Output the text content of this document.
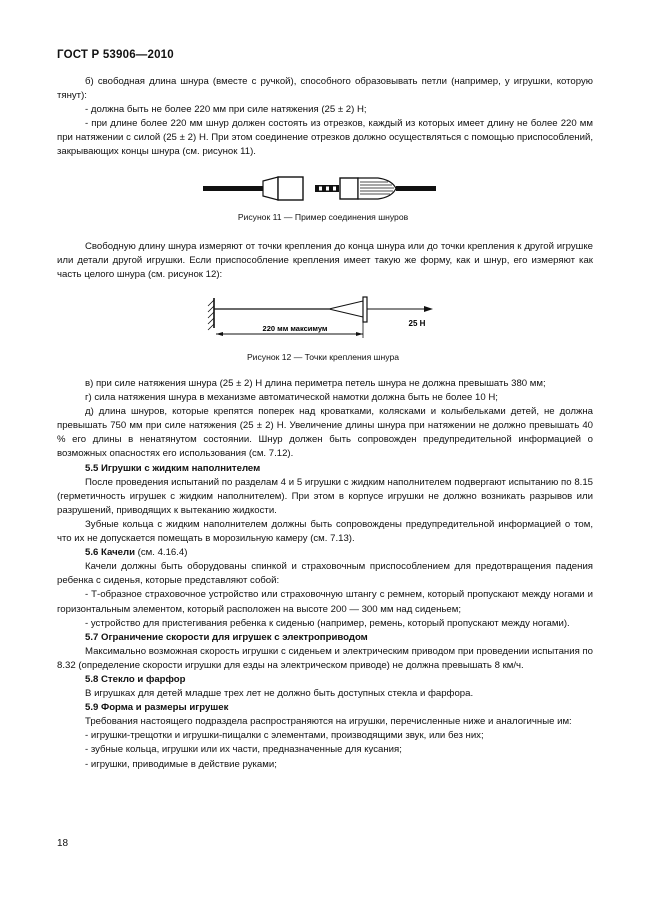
ГОСТ Р 53906—2010

б) свободная длина шнура (вместе с ручкой), способного образовывать петли (например, у игрушки, которую тянут):

- должна быть не более 220 мм при силе натяжения (25 ± 2) Н;

- при длине более 220 мм шнур должен состоять из отрезков, каждый из которых имеет длину не более 220 мм при натяжении с силой (25 ± 2) Н. При этом соединение отрезков должно осуществляться с помощью приспособлений, закрывающих концы шнура (см. рисунок 11).

Рисунок 11 — Пример соединения шнуров

Свободную длину шнура измеряют от точки крепления до конца шнура или до точки крепления к другой игрушке или детали другой игрушки. Если приспособление крепления имеет такую же форму, как и шнур, его измеряют как часть целого шнура (см. рисунок 12):

220 мм максимум
25 Н
Рисунок 12 — Точки крепления шнура

в) при силе натяжения шнура (25 ± 2) Н длина периметра петель шнура не должна превышать 380 мм;

г) сила натяжения шнура в механизме автоматической намотки должна быть не более 10 Н;

д) длина шнуров, которые крепятся поперек над кроватками, колясками и колыбельками детей, не должна превышать 750 мм при силе натяжения (25 ± 2) Н. Увеличение длины шнура при натяжении не должно превышать 40 % его длины в ненатянутом состоянии. Шнур должен быть сопровожден предупредительной информацией о возможных опасностях его использования (см. 7.12).

5.5 Игрушки с жидким наполнителем

После проведения испытаний по разделам 4 и 5 игрушки с жидким наполнителем подвергают испытанию по 8.15 (герметичность игрушек с жидким наполнителем). При этом в корпусе игрушки не должно возникать разрывов или разрушений, приводящих к вытеканию жидкости.

Зубные кольца с жидким наполнителем должны быть сопровождены предупредительной информацией о том, что их не допускается помещать в морозильную камеру (см. 7.13).

5.6 Качели (см. 4.16.4)

Качели должны быть оборудованы спинкой и страховочным приспособлением для предотвращения падения ребенка с сиденья, которые представляют собой:

- Т-образное страховочное устройство или страховочную штангу с ремнем, который пропускают между ногами и горизонтальным элементом, который расположен на высоте 200 — 300 мм над сиденьем;

- устройство для пристегивания ребенка к сиденью (например, ремень, который пропускают между ногами).

5.7 Ограничение скорости для игрушек с электроприводом

Максимально возможная скорость игрушки с сиденьем и электрическим приводом при проведении испытания по 8.32 (определение скорости игрушки для езды на электрическом приводе) не должна превышать 8 км/ч.

5.8 Стекло и фарфор

В игрушках для детей младше трех лет не должно быть доступных стекла и фарфора.

5.9 Форма и размеры игрушек

Требования настоящего подраздела распространяются на игрушки, перечисленные ниже и аналогичные им:

- игрушки-трещотки и игрушки-пищалки с элементами, производящими звук, или без них;

- зубные кольца, игрушки или их части, предназначенные для кусания;

- игрушки, приводимые в действие руками;

18
